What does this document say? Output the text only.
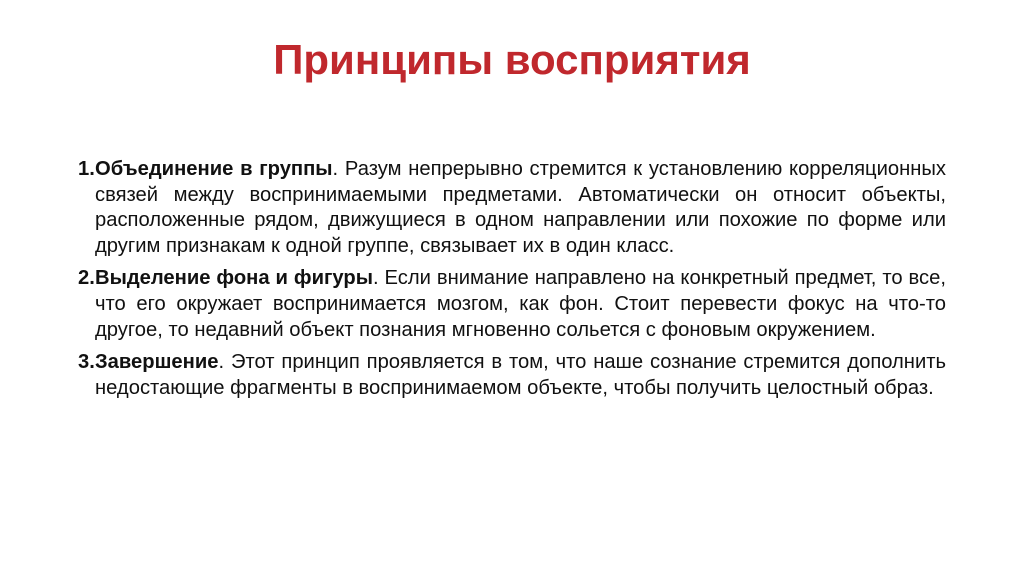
Принципы восприятия
1. Объединение в группы. Разум непрерывно стремится к установлению корреляционных связей между воспринимаемыми предметами. Автоматически он относит объекты, расположенные рядом, движущиеся в одном направлении или похожие по форме или другим признакам к одной группе, связывает их в один класс.
2. Выделение фона и фигуры. Если внимание направлено на конкретный предмет, то все, что его окружает воспринимается мозгом, как фон. Стоит перевести фокус на что-то другое, то недавний объект познания мгновенно сольется с фоновым окружением.
3. Завершение. Этот принцип проявляется в том, что наше сознание стремится дополнить недостающие фрагменты в воспринимаемом объекте, чтобы получить целостный образ.
